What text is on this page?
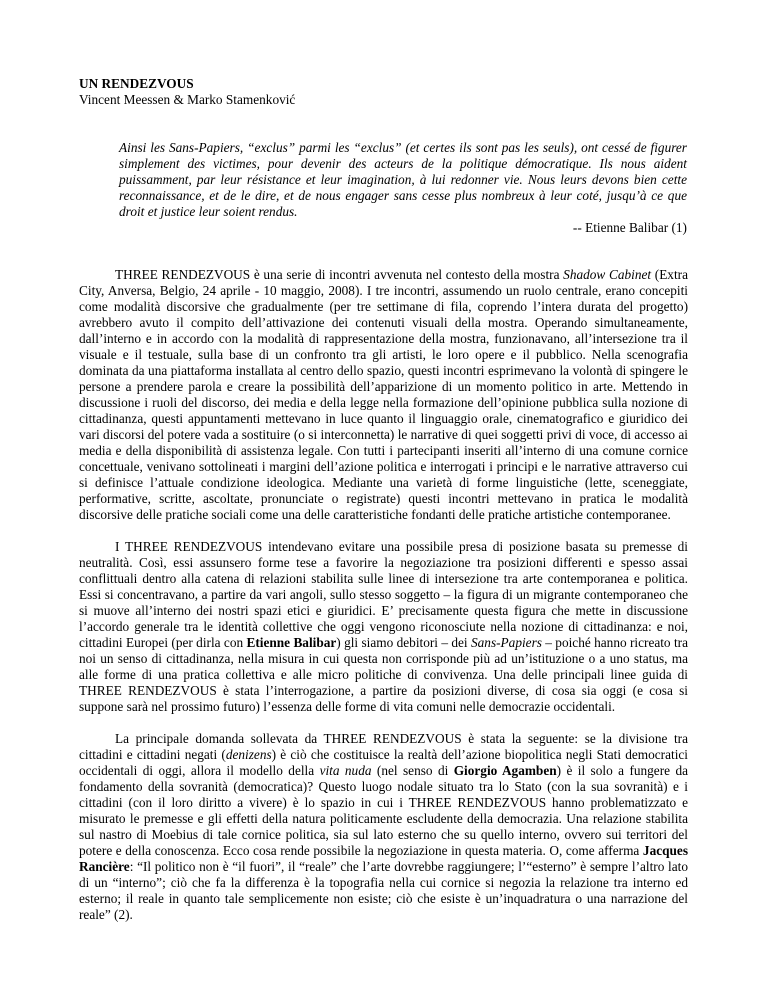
UN RENDEZVOUS
Vincent Meessen & Marko Stamenković
Ainsi les Sans-Papiers, “exclus” parmi les “exclus” (et certes ils sont pas les seuls), ont cessé de figurer simplement des victimes, pour devenir des acteurs de la politique démocratique. Ils nous aident puissamment, par leur résistance et leur imagination, à lui redonner vie. Nous leurs devons bien cette reconnaissance, et de le dire, et de nous engager sans cesse plus nombreux à leur coté, jusqu’à ce que droit et justice leur soient rendus.
-- Etienne Balibar (1)

THREE RENDEZVOUS è una serie di incontri avvenuta nel contesto della mostra Shadow Cabinet (Extra City, Anversa, Belgio, 24 aprile - 10 maggio, 2008). I tre incontri, assumendo un ruolo centrale, erano concepiti come modalità discorsive che gradualmente (per tre settimane di fila, coprendo l’intera durata del progetto) avrebbero avuto il compito dell’attivazione dei contenuti visuali della mostra. Operando simultaneamente, dall’interno e in accordo con la modalità di rappresentazione della mostra, funzionavano, all’intersezione tra il visuale e il testuale, sulla base di un confronto tra gli artisti, le loro opere e il pubblico. Nella scenografia dominata da una piattaforma installata al centro dello spazio, questi incontri esprimevano la volontà di spingere le persone a prendere parola e creare la possibilità dell’apparizione di un momento politico in arte. Mettendo in discussione i ruoli del discorso, dei media e della legge nella formazione dell’opinione pubblica sulla nozione di cittadinanza, questi appuntamenti mettevano in luce quanto il linguaggio orale, cinematografico e giuridico dei vari discorsi del potere vada a sostituire (o si interconnetta) le narrative di quei soggetti privi di voce, di accesso ai media e della disponibilità di assistenza legale. Con tutti i partecipanti inseriti all’interno di una comune cornice concettuale, venivano sottolineati i margini dell’azione politica e interrogati i principi e le narrative attraverso cui si definisce l’attuale condizione ideologica. Mediante una varietà di forme linguistiche (lette, sceneggiate, performative, scritte, ascoltate, pronunciate o registrate) questi incontri mettevano in pratica le modalità discorsive delle pratiche sociali come una delle caratteristiche fondanti delle pratiche artistiche contemporanee.

I THREE RENDEZVOUS intendevano evitare una possibile presa di posizione basata su premesse di neutralità. Così, essi assunsero forme tese a favorire la negoziazione tra posizioni differenti e spesso assai conflittuali dentro alla catena di relazioni stabilita sulle linee di intersezione tra arte contemporanea e politica. Essi si concentravano, a partire da vari angoli, sullo stesso soggetto – la figura di un migrante contemporaneo che si muove all’interno dei nostri spazi etici e giuridici. E’ precisamente questa figura che mette in discussione l’accordo generale tra le identità collettive che oggi vengono riconosciute nella nozione di cittadinanza: e noi, cittadini Europei (per dirla con Etienne Balibar) gli siamo debitori – dei Sans-Papiers – poiché hanno ricreato tra noi un senso di cittadinanza, nella misura in cui questa non corrisponde più ad un’istituzione o a uno status, ma alle forme di una pratica collettiva e alle micro politiche di convivenza. Una delle principali linee guida di THREE RENDEZVOUS è stata l’interrogazione, a partire da posizioni diverse, di cosa sia oggi (e cosa si suppone sarà nel prossimo futuro) l’essenza delle forme di vita comuni nelle democrazie occidentali.

La principale domanda sollevata da THREE RENDEZVOUS è stata la seguente: se la divisione tra cittadini e cittadini negati (denizens) è ciò che costituisce la realtà dell’azione biopolitica negli Stati democratici occidentali di oggi, allora il modello della vita nuda (nel senso di Giorgio Agamben) è il solo a fungere da fondamento della sovranità (democratica)? Questo luogo nodale situato tra lo Stato (con la sua sovranità) e i cittadini (con il loro diritto a vivere) è lo spazio in cui i THREE RENDEZVOUS hanno problematizzato e misurato le premesse e gli effetti della natura politicamente escludente della democrazia. Una relazione stabilita sul nastro di Moebius di tale cornice politica, sia sul lato esterno che su quello interno, ovvero sui territori del potere e della conoscenza. Ecco cosa rende possibile la negoziazione in questa materia. O, come afferma Jacques Rancière: “Il politico non è “il fuori”, il “reale” che l’arte dovrebbe raggiungere; l’“esterno” è sempre l’altro lato di un “interno”; ciò che fa la differenza è la topografia nella cui cornice si negozia la relazione tra interno ed esterno; il reale in quanto tale semplicemente non esiste; ciò che esiste è un’inquadratura o una narrazione del reale” (2).
